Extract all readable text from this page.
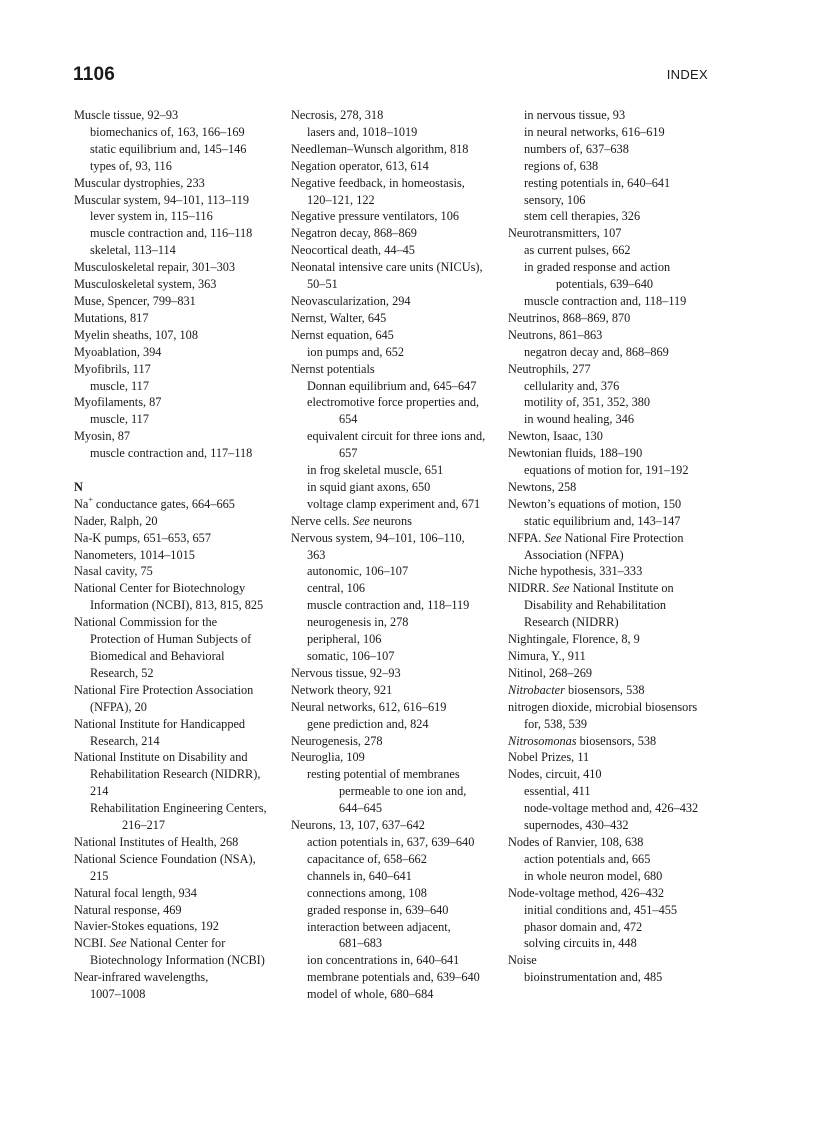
1106	INDEX
Muscle tissue, 92–93
biomechanics of, 163, 166–169
static equilibrium and, 145–146
types of, 93, 116
Muscular dystrophies, 233
Muscular system, 94–101, 113–119
lever system in, 115–116
muscle contraction and, 116–118
skeletal, 113–114
Musculoskeletal repair, 301–303
Musculoskeletal system, 363
Muse, Spencer, 799–831
Mutations, 817
Myelin sheaths, 107, 108
Myoablation, 394
Myofibrils, 117
muscle, 117
Myofilaments, 87
muscle, 117
Myosin, 87
muscle contraction and, 117–118
N
Na+ conductance gates, 664–665
Nader, Ralph, 20
Na-K pumps, 651–653, 657
Nanometers, 1014–1015
Nasal cavity, 75
National Center for Biotechnology
Information (NCBI), 813, 815, 825
National Commission for the
Protection of Human Subjects of
Biomedical and Behavioral
Research, 52
National Fire Protection Association
(NFPA), 20
National Institute for Handicapped
Research, 214
National Institute on Disability and
Rehabilitation Research (NIDRR),
214
Rehabilitation Engineering Centers,
216–217
National Institutes of Health, 268
National Science Foundation (NSA),
215
Natural focal length, 934
Natural response, 469
Navier-Stokes equations, 192
NCBI. See National Center for
Biotechnology Information (NCBI)
Near-infrared wavelengths,
1007–1008
Necrosis, 278, 318
lasers and, 1018–1019
Needleman–Wunsch algorithm, 818
Negation operator, 613, 614
Negative feedback, in homeostasis,
120–121, 122
Negative pressure ventilators, 106
Negatron decay, 868–869
Neocortical death, 44–45
Neonatal intensive care units (NICUs),
50–51
Neovascularization, 294
Nernst, Walter, 645
Nernst equation, 645
ion pumps and, 652
Nernst potentials
Donnan equilibrium and, 645–647
electromotive force properties and,
654
equivalent circuit for three ions and,
657
in frog skeletal muscle, 651
in squid giant axons, 650
voltage clamp experiment and, 671
Nerve cells. See neurons
Nervous system, 94–101, 106–110,
363
autonomic, 106–107
central, 106
muscle contraction and, 118–119
neurogenesis in, 278
peripheral, 106
somatic, 106–107
Nervous tissue, 92–93
Network theory, 921
Neural networks, 612, 616–619
gene prediction and, 824
Neurogenesis, 278
Neuroglia, 109
resting potential of membranes
permeable to one ion and,
644–645
Neurons, 13, 107, 637–642
action potentials in, 637, 639–640
capacitance of, 658–662
channels in, 640–641
connections among, 108
graded response in, 639–640
interaction between adjacent,
681–683
ion concentrations in, 640–641
membrane potentials and, 639–640
model of whole, 680–684
in nervous tissue, 93
in neural networks, 616–619
numbers of, 637–638
regions of, 638
resting potentials in, 640–641
sensory, 106
stem cell therapies, 326
Neurotransmitters, 107
as current pulses, 662
in graded response and action
potentials, 639–640
muscle contraction and, 118–119
Neutrinos, 868–869, 870
Neutrons, 861–863
negatron decay and, 868–869
Neutrophils, 277
cellularity and, 376
motility of, 351, 352, 380
in wound healing, 346
Newton, Isaac, 130
Newtonian fluids, 188–190
equations of motion for, 191–192
Newtons, 258
Newton’s equations of motion, 150
static equilibrium and, 143–147
NFPA. See National Fire Protection
Association (NFPA)
Niche hypothesis, 331–333
NIDRR. See National Institute on
Disability and Rehabilitation
Research (NIDRR)
Nightingale, Florence, 8, 9
Nimura, Y., 911
Nitinol, 268–269
Nitrobacter biosensors, 538
nitrogen dioxide, microbial biosensors
for, 538, 539
Nitrosomonas biosensors, 538
Nobel Prizes, 11
Nodes, circuit, 410
essential, 411
node-voltage method and, 426–432
supernodes, 430–432
Nodes of Ranvier, 108, 638
action potentials and, 665
in whole neuron model, 680
Node-voltage method, 426–432
initial conditions and, 451–455
phasor domain and, 472
solving circuits in, 448
Noise
bioinstrumentation and, 485
